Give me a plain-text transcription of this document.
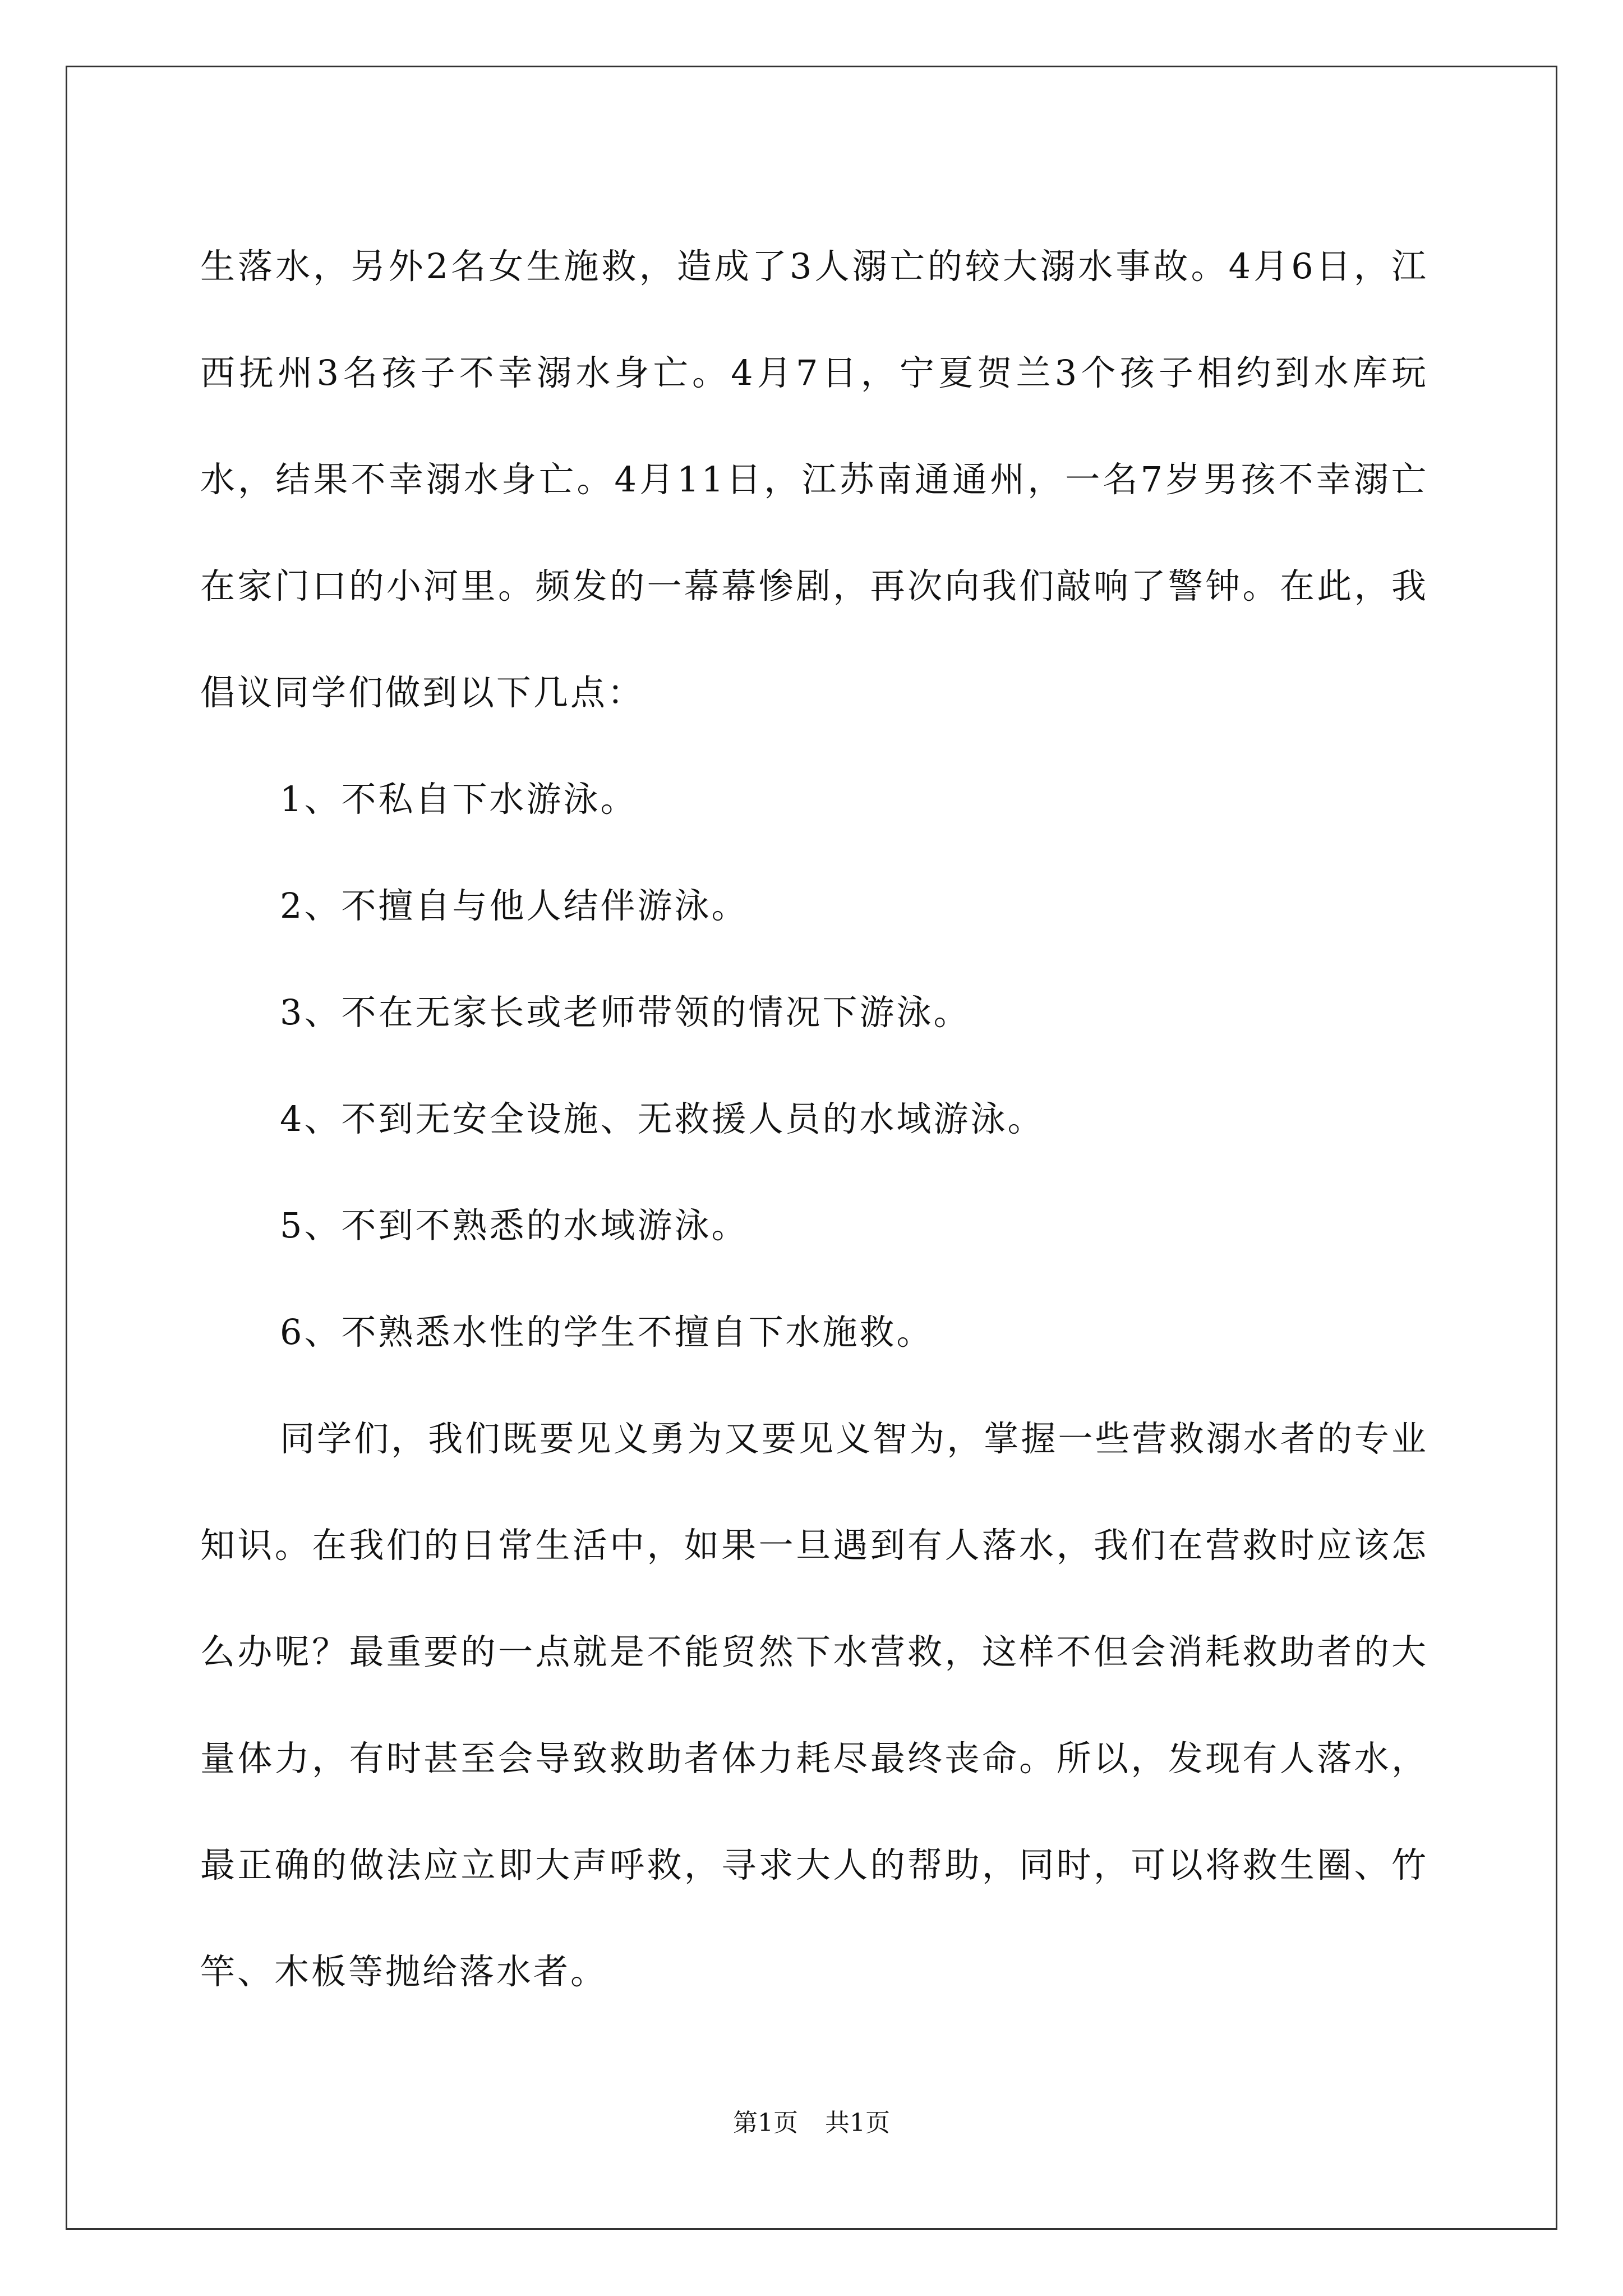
生落水，另外2名女生施救，造成了3人溺亡的较大溺水事故。4月6日，江西抚州3名孩子不幸溺水身亡。4月7日，宁夏贺兰3个孩子相约到水库玩水，结果不幸溺水身亡。4月11日，江苏南通通州，一名7岁男孩不幸溺亡在家门口的小河里。频发的一幕幕惨剧，再次向我们敲响了警钟。在此，我倡议同学们做到以下几点：

1、不私自下水游泳。

2、不擅自与他人结伴游泳。

3、不在无家长或老师带领的情况下游泳。

4、不到无安全设施、无救援人员的水域游泳。

5、不到不熟悉的水域游泳。

6、不熟悉水性的学生不擅自下水施救。

同学们，我们既要见义勇为又要见义智为，掌握一些营救溺水者的专业知识。在我们的日常生活中，如果一旦遇到有人落水，我们在营救时应该怎么办呢？最重要的一点就是不能贸然下水营救，这样不但会消耗救助者的大量体力，有时甚至会导致救助者体力耗尽最终丧命。所以，发现有人落水，最正确的做法应立即大声呼救，寻求大人的帮助，同时，可以将救生圈、竹竿、木板等抛给落水者。

第1页 共1页
